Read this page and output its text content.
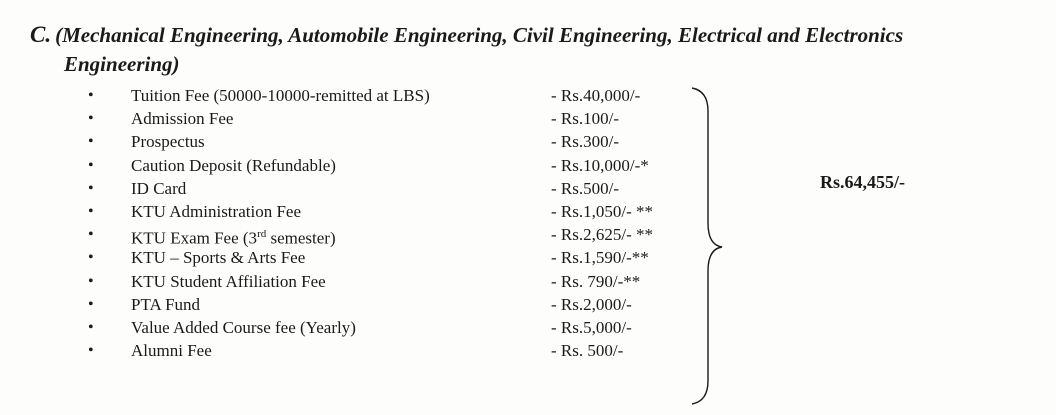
C. (Mechanical Engineering, Automobile Engineering, Civil Engineering, Electrical and Electronics
Engineering)
• Tuition Fee (50000-10000-remitted at LBS)	- Rs.40,000/-
• Admission Fee	- Rs.100/-
• Prospectus	- Rs.300/-
• Caution Deposit (Refundable)	- Rs.10,000/-*
• ID Card	- Rs.500/-
• KTU Administration Fee	- Rs.1,050/- **
• KTU Exam Fee (3rd semester)	- Rs.2,625/- **
• KTU – Sports & Arts Fee	- Rs.1,590/-**
• KTU Student Affiliation Fee	- Rs. 790/-**
• PTA Fund	- Rs.2,000/-
• Value Added Course fee (Yearly)	- Rs.5,000/-
• Alumni Fee	- Rs. 500/-
Rs.64,455/-
